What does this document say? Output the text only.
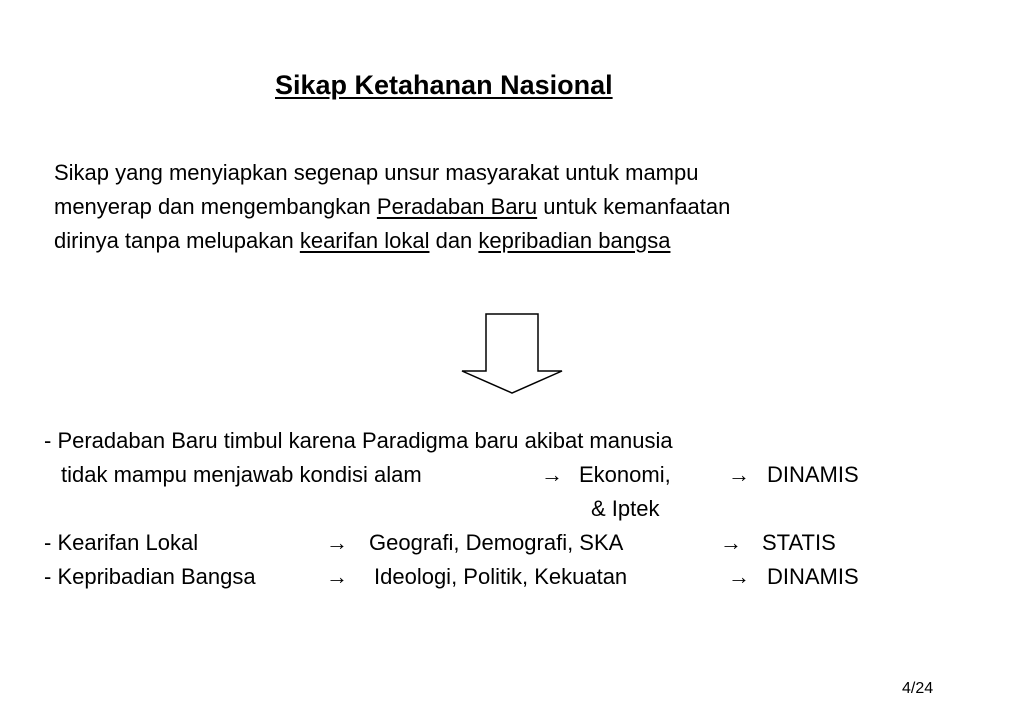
Sikap Ketahanan Nasional
Sikap yang menyiapkan segenap unsur masyarakat untuk mampu
menyerap dan mengembangkan Peradaban Baru untuk kemanfaatan
dirinya tanpa melupakan kearifan lokal dan kepribadian bangsa
- Peradaban Baru timbul karena Paradigma baru akibat manusia
tidak mampu menjawab kondisi alam	→ Ekonomi,	→ DINAMIS
& Iptek
- Kearifan Lokal	→ Geografi, Demografi, SKA	→ STATIS
- Kepribadian Bangsa	→ Ideologi, Politik, Kekuatan	→ DINAMIS
4/24
